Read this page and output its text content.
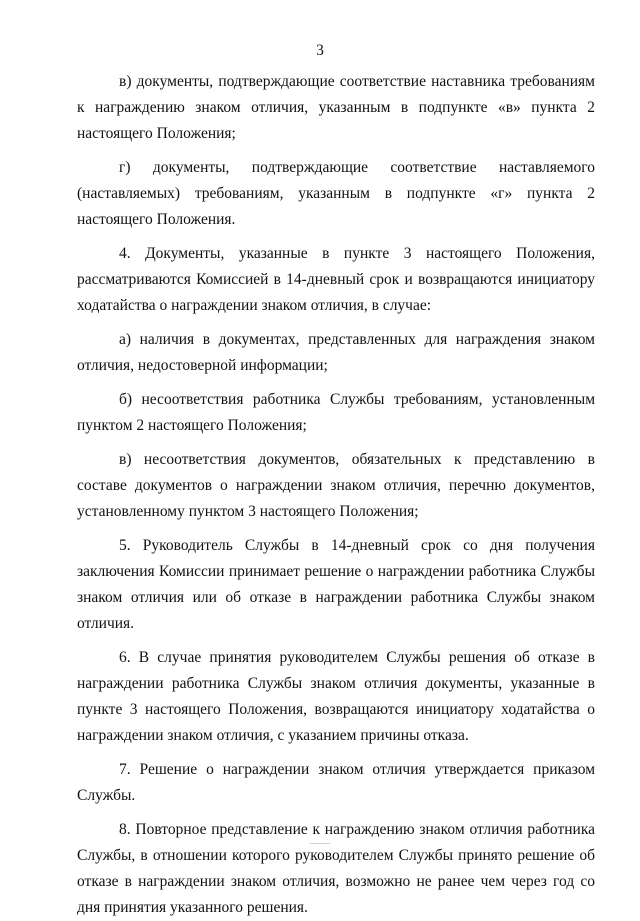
3

в) документы, подтверждающие соответствие наставника требованиям к награждению знаком отличия, указанным в подпункте «в» пункта 2 настоящего Положения;

г) документы, подтверждающие соответствие наставляемого (наставляемых) требованиям, указанным в подпункте «г» пункта 2 настоящего Положения.

4. Документы, указанные в пункте 3 настоящего Положения, рассматриваются Комиссией в 14-дневный срок и возвращаются инициатору ходатайства о награждении знаком отличия, в случае:

а) наличия в документах, представленных для награждения знаком отличия, недостоверной информации;

б) несоответствия работника Службы требованиям, установленным пунктом 2 настоящего Положения;

в) несоответствия документов, обязательных к представлению в составе документов о награждении знаком отличия, перечню документов, установленному пунктом 3 настоящего Положения;

5. Руководитель Службы в 14-дневный срок со дня получения заключения Комиссии принимает решение о награждении работника Службы знаком отличия или об отказе в награждении работника Службы знаком отличия.

6. В случае принятия руководителем Службы решения об отказе в награждении работника Службы знаком отличия документы, указанные в пункте 3 настоящего Положения, возвращаются инициатору ходатайства о награждении знаком отличия, с указанием причины отказа.

7. Решение о награждении знаком отличия утверждается приказом Службы.

8. Повторное представление к награждению знаком отличия работника Службы, в отношении которого руководителем Службы принято решение об отказе в награждении знаком отличия, возможно не ранее чем через год со дня принятия указанного решения.
